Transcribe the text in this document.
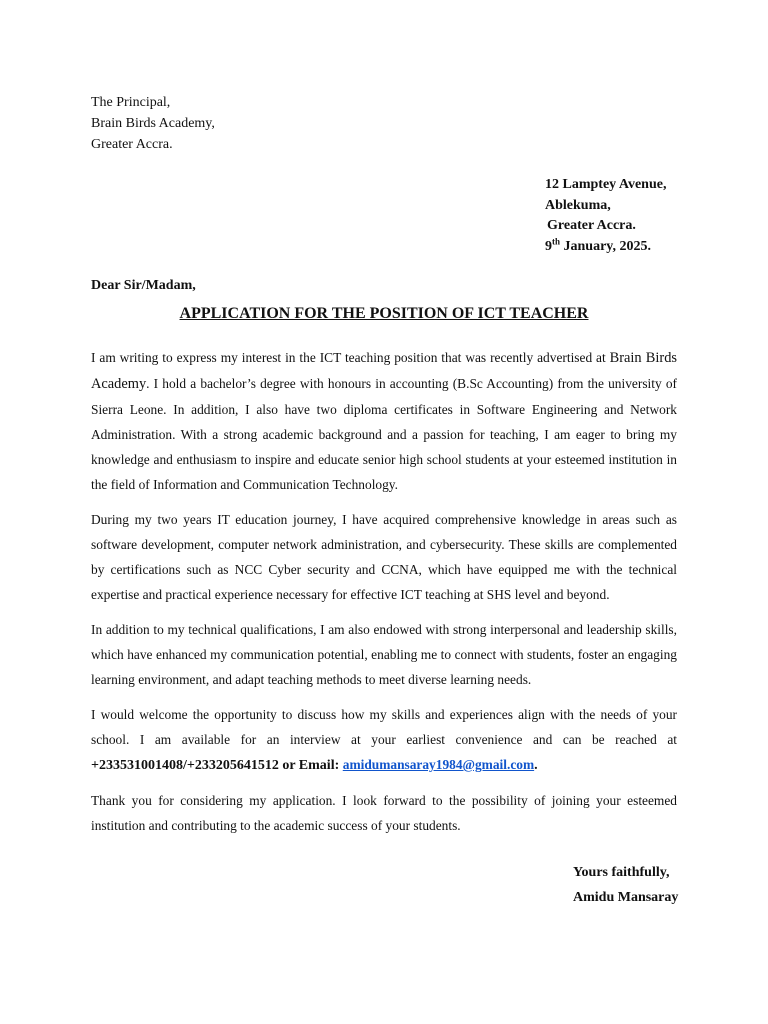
The Principal,
Brain Birds Academy,
Greater Accra.
12 Lamptey Avenue,
Ablekuma,
Greater Accra.
9th January, 2025.
Dear Sir/Madam,
APPLICATION FOR THE POSITION OF ICT TEACHER

I am writing to express my interest in the ICT teaching position that was recently advertised at Brain Birds Academy. I hold a bachelor’s degree with honours in accounting (B.Sc Accounting) from the university of Sierra Leone. In addition, I also have two diploma certificates in Software Engineering and Network Administration. With a strong academic background and a passion for teaching, I am eager to bring my knowledge and enthusiasm to inspire and educate senior high school students at your esteemed institution in the field of Information and Communication Technology.

During my two years IT education journey, I have acquired comprehensive knowledge in areas such as software development, computer network administration, and cybersecurity. These skills are complemented by certifications such as NCC Cyber security and CCNA, which have equipped me with the technical expertise and practical experience necessary for effective ICT teaching at SHS level and beyond.

In addition to my technical qualifications, I am also endowed with strong interpersonal and leadership skills, which have enhanced my communication potential, enabling me to connect with students, foster an engaging learning environment, and adapt teaching methods to meet diverse learning needs.

I would welcome the opportunity to discuss how my skills and experiences align with the needs of your school. I am available for an interview at your earliest convenience and can be reached at +233531001408/+233205641512 or Email: amidumansaray1984@gmail.com.

Thank you for considering my application. I look forward to the possibility of joining your esteemed institution and contributing to the academic success of your students.

Yours faithfully,
Amidu Mansaray
